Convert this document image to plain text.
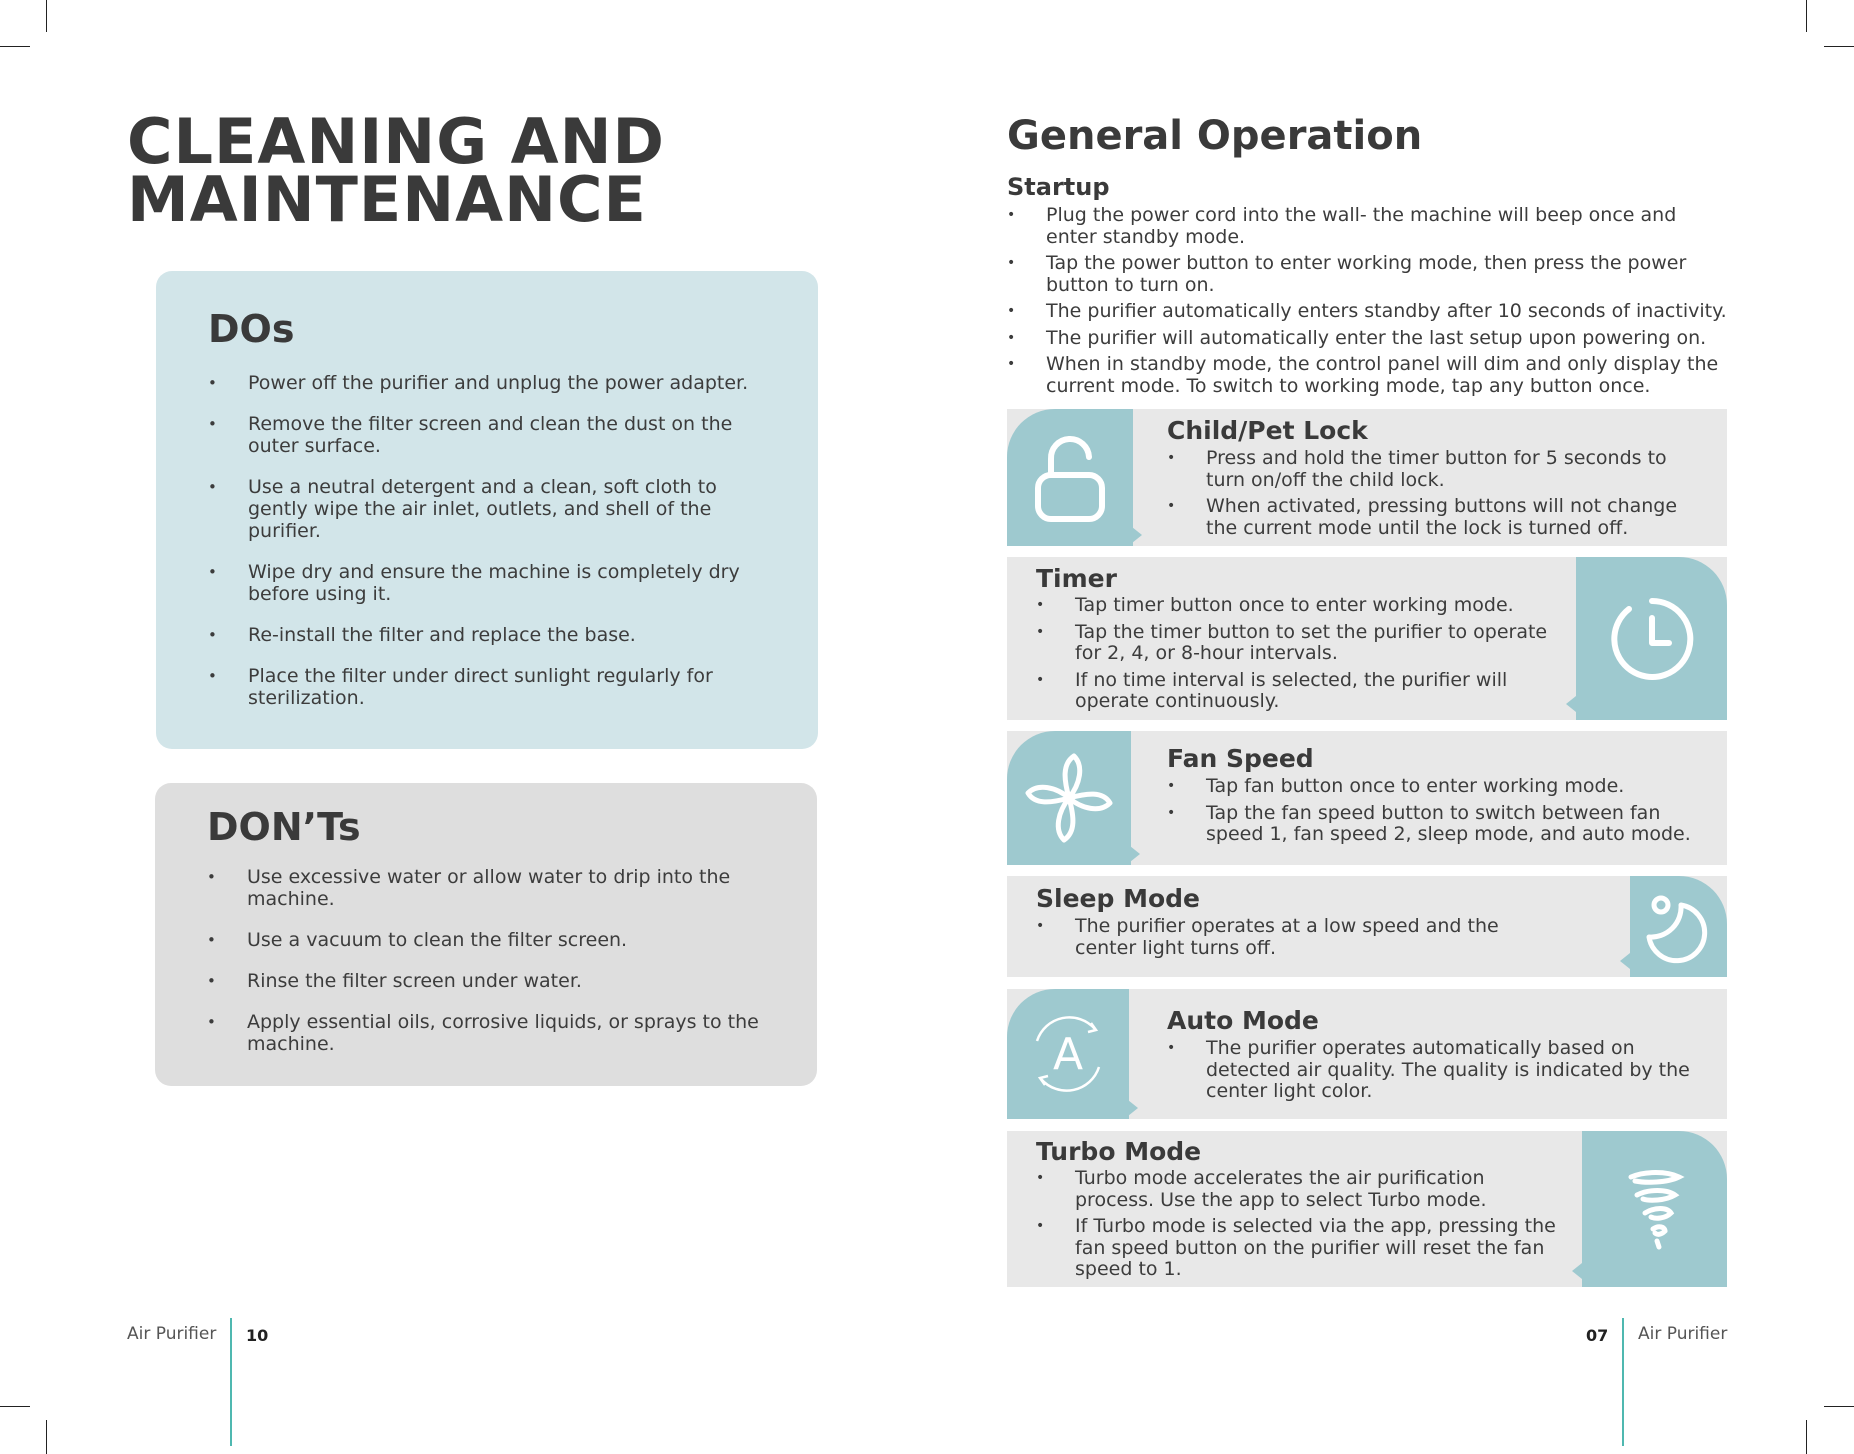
CLEANING AND
MAINTENANCE
DOs
• Power off the purifier and unplug the power adapter.
• Remove the filter screen and clean the dust on the outer surface.
• Use a neutral detergent and a clean, soft cloth to gently wipe the air inlet, outlets, and shell of the purifier.
• Wipe dry and ensure the machine is completely dry before using it.
• Re-install the filter and replace the base.
• Place the filter under direct sunlight regularly for sterilization.
DON’Ts
• Use excessive water or allow water to drip into the machine.
• Use a vacuum to clean the filter screen.
• Rinse the filter screen under water.
• Apply essential oils, corrosive liquids, or sprays to the machine.
Air Purifier 10
General Operation
Startup
• Plug the power cord into the wall- the machine will beep once and enter standby mode.
• Tap the power button to enter working mode, then press the power button to turn on.
• The purifier automatically enters standby after 10 seconds of inactivity.
• The purifier will automatically enter the last setup upon powering on.
• When in standby mode, the control panel will dim and only display the current mode. To switch to working mode, tap any button once.
Child/Pet Lock
• Press and hold the timer button for 5 seconds to turn on/off the child lock.
• When activated, pressing buttons will not change the current mode until the lock is turned off.
Timer
• Tap timer button once to enter working mode.
• Tap the timer button to set the purifier to operate for 2, 4, or 8-hour intervals.
• If no time interval is selected, the purifier will operate continuously.
Fan Speed
• Tap fan button once to enter working mode.
• Tap the fan speed button to switch between fan speed 1, fan speed 2, sleep mode, and auto mode.
Sleep Mode
• The purifier operates at a low speed and the center light turns off.
A
Auto Mode
• The purifier operates automatically based on detected air quality. The quality is indicated by the center light color.
Turbo Mode
• Turbo mode accelerates the air purification process. Use the app to select Turbo mode.
• If Turbo mode is selected via the app, pressing the fan speed button on the purifier will reset the fan speed to 1.
07 Air Purifier
